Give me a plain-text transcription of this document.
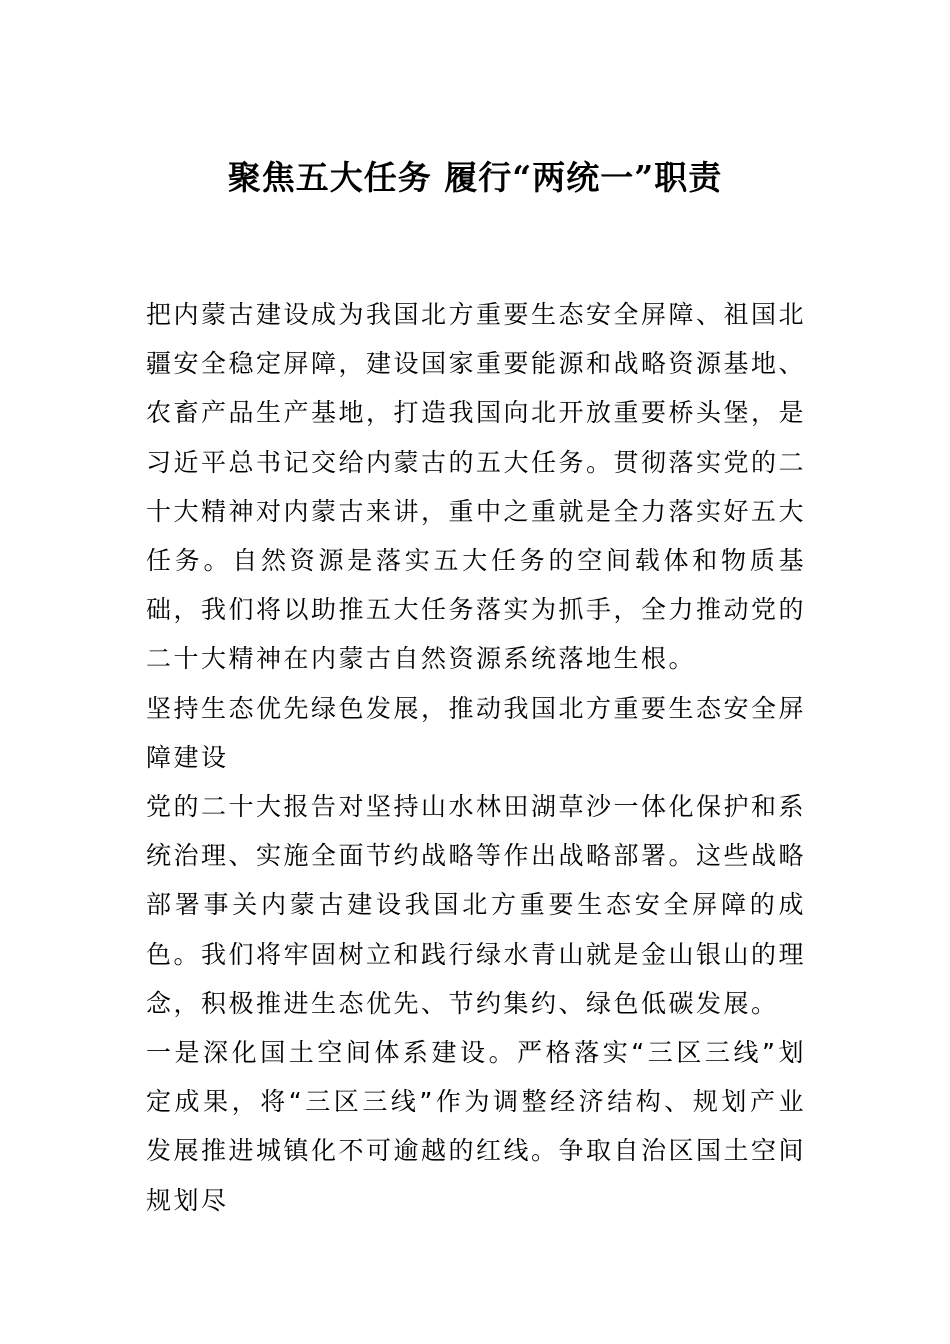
聚焦五大任务 履行“两统一”职责

把内蒙古建设成为我国北方重要生态安全屏障、祖国北疆安全稳定屏障，建设国家重要能源和战略资源基地、农畜产品生产基地，打造我国向北开放重要桥头堡，是习近平总书记交给内蒙古的五大任务。贯彻落实党的二十大精神对内蒙古来讲，重中之重就是全力落实好五大任务。自然资源是落实五大任务的空间载体和物质基础，我们将以助推五大任务落实为抓手，全力推动党的二十大精神在内蒙古自然资源系统落地生根。

坚持生态优先绿色发展，推动我国北方重要生态安全屏障建设

党的二十大报告对坚持山水林田湖草沙一体化保护和系统治理、实施全面节约战略等作出战略部署。这些战略部署事关内蒙古建设我国北方重要生态安全屏障的成色。我们将牢固树立和践行绿水青山就是金山银山的理念，积极推进生态优先、节约集约、绿色低碳发展。

一是深化国土空间体系建设。严格落实“三区三线”划定成果，将“三区三线”作为调整经济结构、规划产业发展推进城镇化不可逾越的红线。争取自治区国土空间规划尽
